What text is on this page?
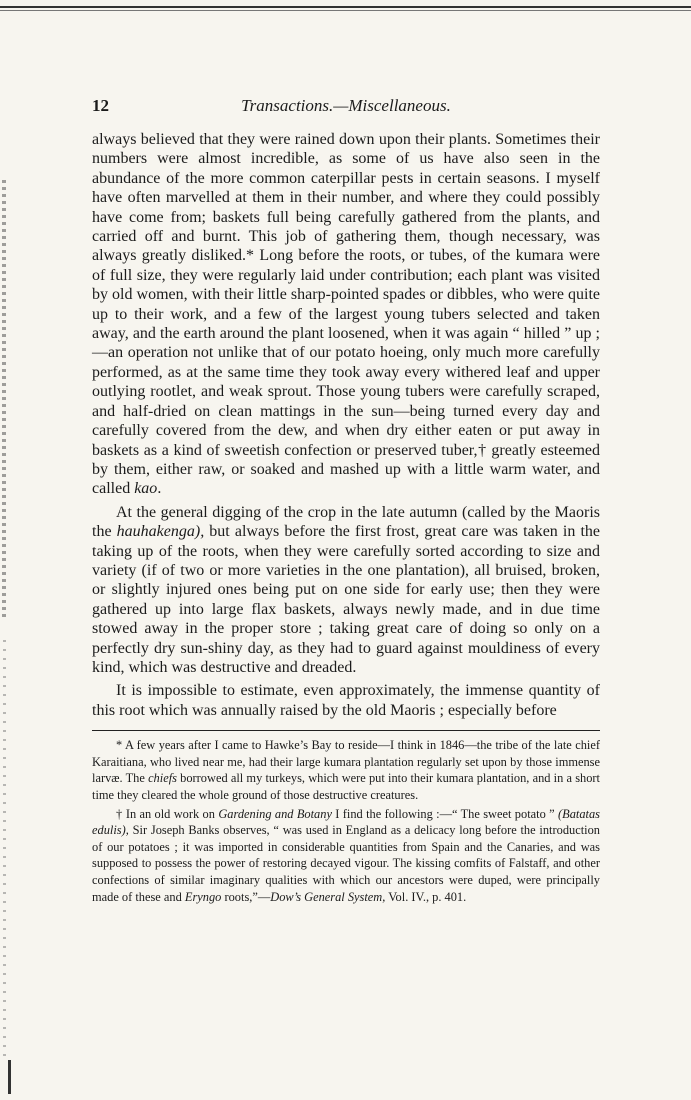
12	Transactions.—Miscellaneous.

always believed that they were rained down upon their plants. Sometimes their numbers were almost incredible, as some of us have also seen in the abundance of the more common caterpillar pests in certain seasons. I myself have often marvelled at them in their number, and where they could possibly have come from; baskets full being carefully gathered from the plants, and carried off and burnt. This job of gathering them, though necessary, was always greatly disliked.* Long before the roots, or tubes, of the kumara were of full size, they were regularly laid under contribution; each plant was visited by old women, with their little sharp-pointed spades or dibbles, who were quite up to their work, and a few of the largest young tubers selected and taken away, and the earth around the plant loosened, when it was again “ hilled ” up ;—an operation not unlike that of our potato hoeing, only much more carefully performed, as at the same time they took away every withered leaf and upper outlying rootlet, and weak sprout. Those young tubers were carefully scraped, and half-dried on clean mattings in the sun—being turned every day and carefully covered from the dew, and when dry either eaten or put away in baskets as a kind of sweetish confection or preserved tuber,† greatly esteemed by them, either raw, or soaked and mashed up with a little warm water, and called kao.

At the general digging of the crop in the late autumn (called by the Maoris the hauhakenga), but always before the first frost, great care was taken in the taking up of the roots, when they were carefully sorted according to size and variety (if of two or more varieties in the one plantation), all bruised, broken, or slightly injured ones being put on one side for early use; then they were gathered up into large flax baskets, always newly made, and in due time stowed away in the proper store ; taking great care of doing so only on a perfectly dry sun-shiny day, as they had to guard against mouldiness of every kind, which was destructive and dreaded.

It is impossible to estimate, even approximately, the immense quantity of this root which was annually raised by the old Maoris ; especially before

* A few years after I came to Hawke’s Bay to reside—I think in 1846—the tribe of the late chief Karaitiana, who lived near me, had their large kumara plantation regularly set upon by those immense larvæ. The chiefs borrowed all my turkeys, which were put into their kumara plantation, and in a short time they cleared the whole ground of those destructive creatures.

† In an old work on Gardening and Botany I find the following :—“ The sweet potato ” (Batatas edulis), Sir Joseph Banks observes, “ was used in England as a delicacy long before the introduction of our potatoes ; it was imported in considerable quantities from Spain and the Canaries, and was supposed to possess the power of restoring decayed vigour. The kissing comfits of Falstaff, and other confections of similar imaginary qualities with which our ancestors were duped, were principally made of these and Eryngo roots,”—Dow’s General System, Vol. IV., p. 401.
